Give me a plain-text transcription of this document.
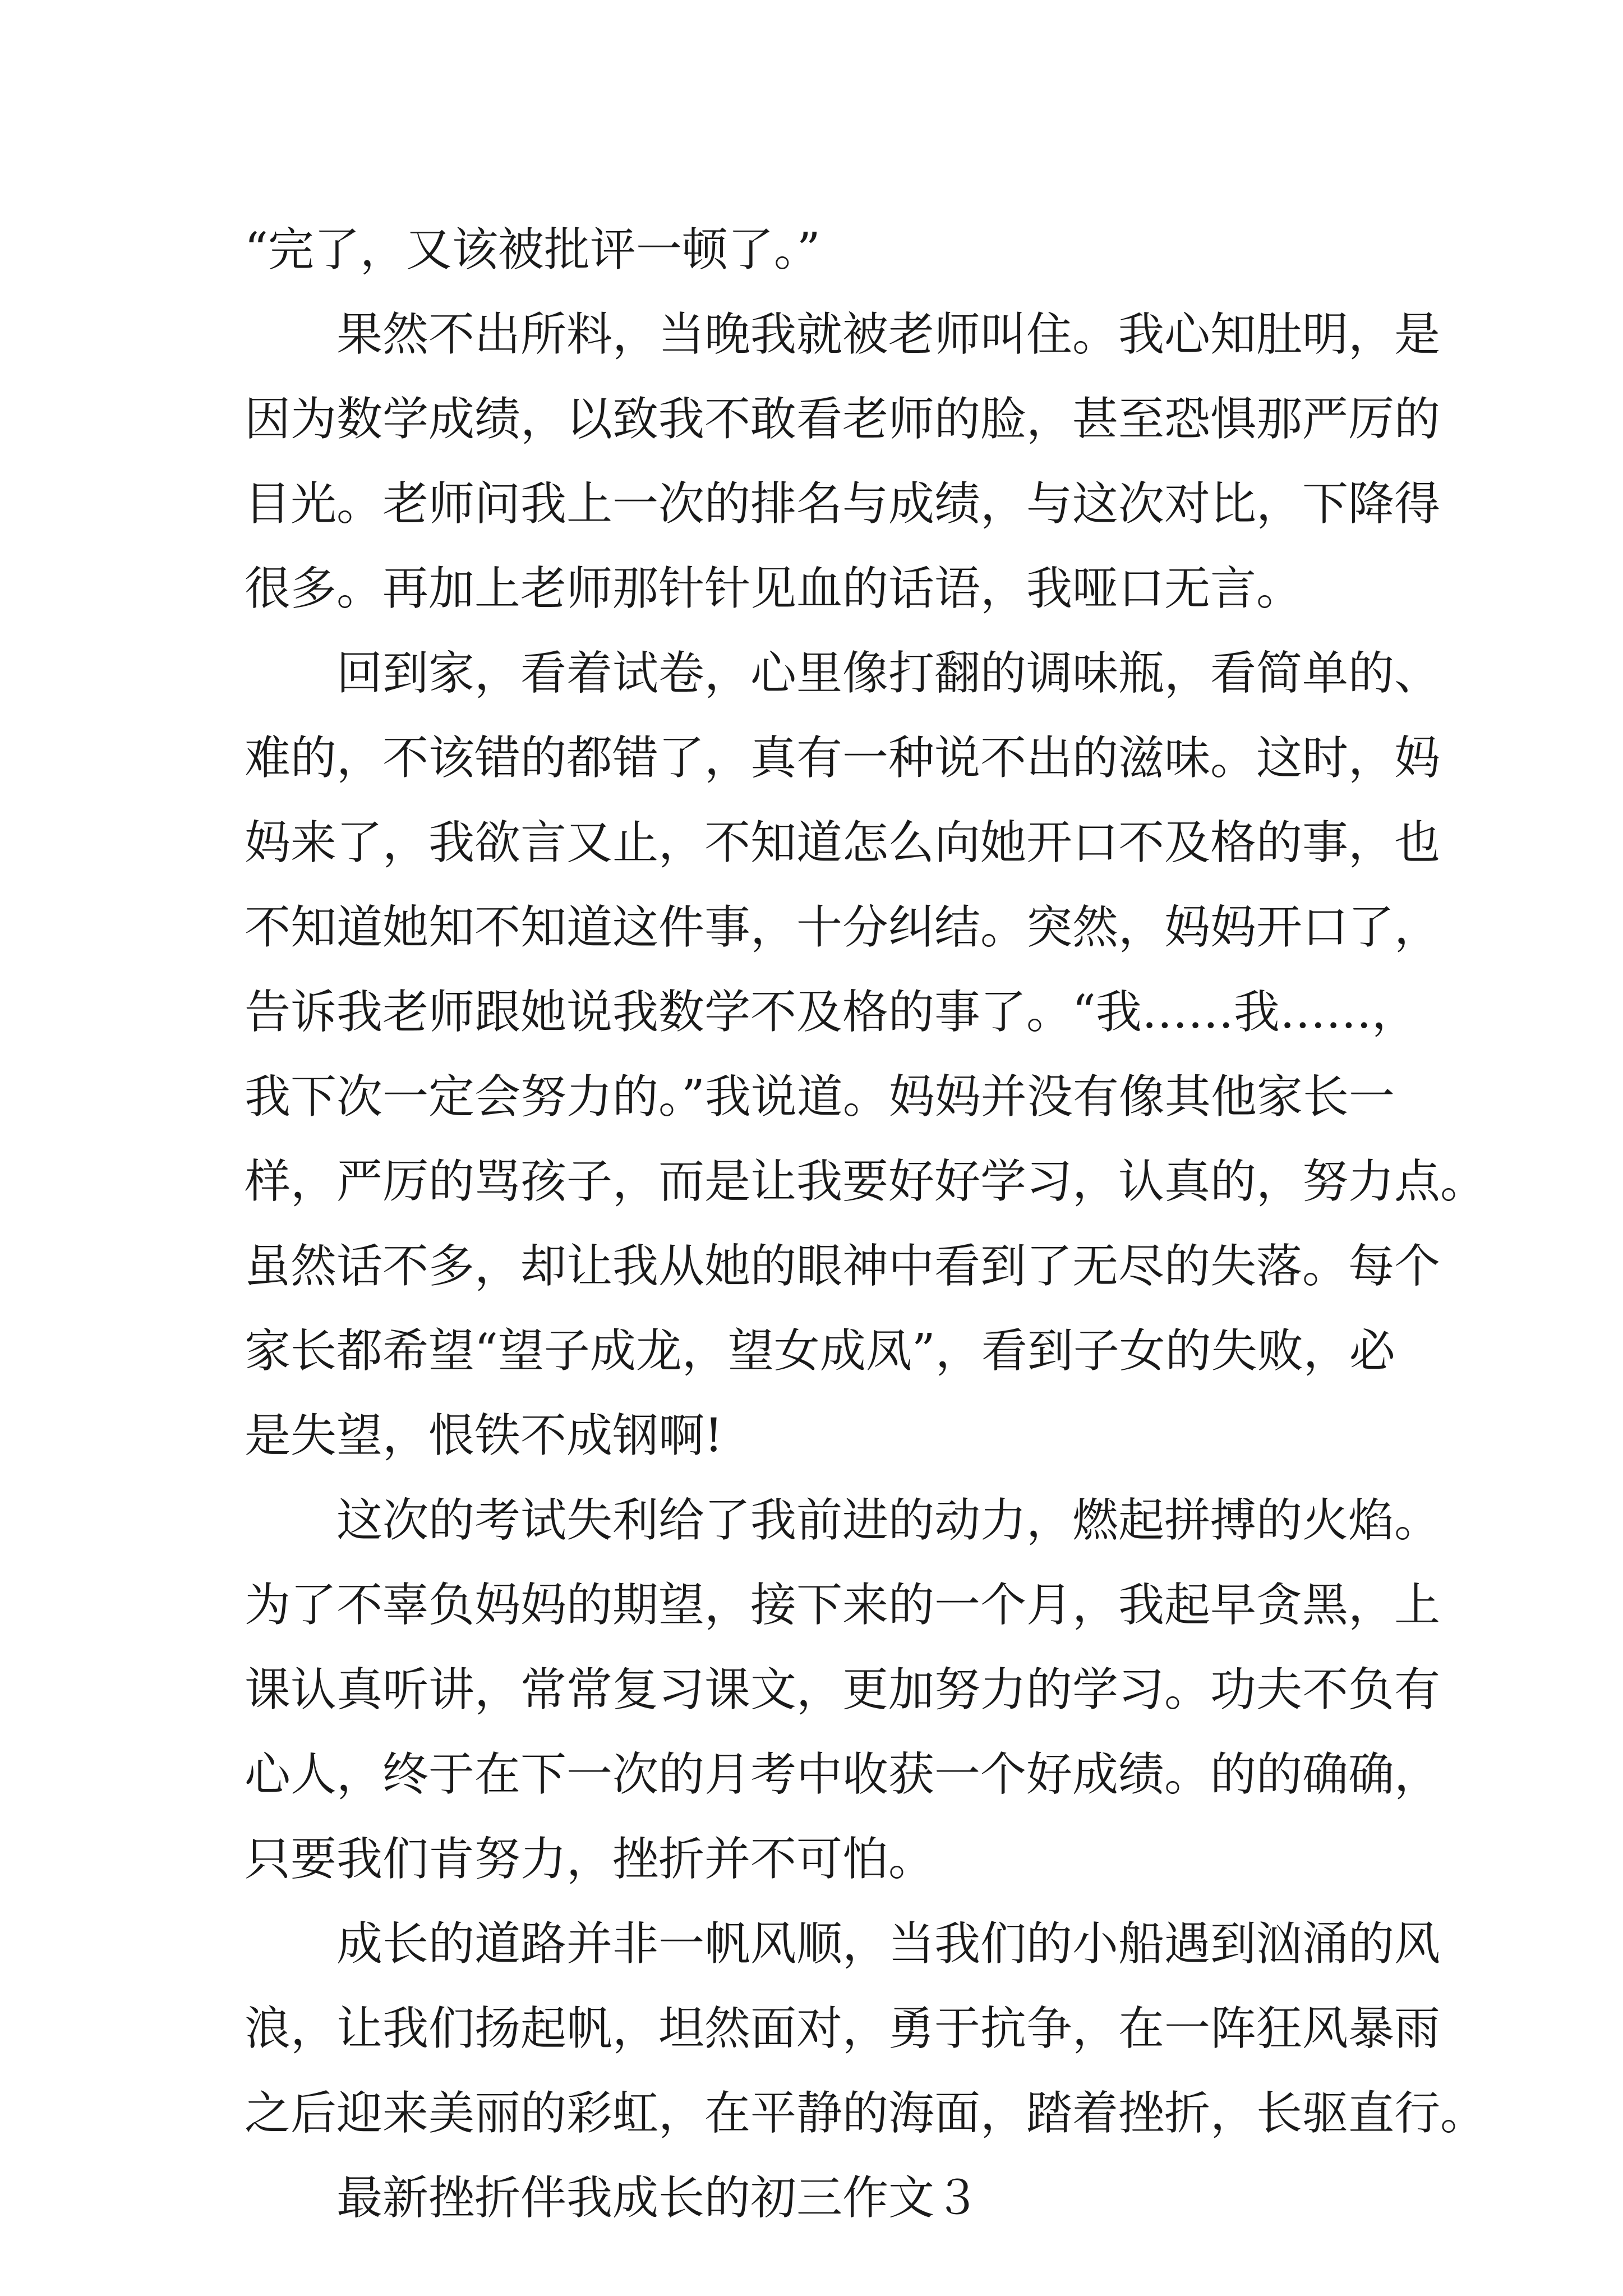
“完了，又该被批评一顿了。”
果然不出所料，当晚我就被老师叫住。我心知肚明，是
因为数学成绩，以致我不敢看老师的脸，甚至恐惧那严厉的
目光。老师问我上一次的排名与成绩，与这次对比，下降得
很多。再加上老师那针针见血的话语，我哑口无言。
回到家，看着试卷，心里像打翻的调味瓶，看简单的、
难的，不该错的都错了，真有一种说不出的滋味。这时，妈
妈来了，我欲言又止，不知道怎么向她开口不及格的事，也
不知道她知不知道这件事，十分纠结。突然，妈妈开口了，
告诉我老师跟她说我数学不及格的事了。“我……我……，
我下次一定会努力的。”我说道。妈妈并没有像其他家长一
样，严厉的骂孩子，而是让我要好好学习，认真的，努力点。
虽然话不多，却让我从她的眼神中看到了无尽的失落。每个
家长都希望“望子成龙，望女成凤”，看到子女的失败，必
是失望，恨铁不成钢啊!
这次的考试失利给了我前进的动力，燃起拼搏的火焰。
为了不辜负妈妈的期望，接下来的一个月，我起早贪黑，上
课认真听讲，常常复习课文，更加努力的学习。功夫不负有
心人，终于在下一次的月考中收获一个好成绩。的的确确，
只要我们肯努力，挫折并不可怕。
成长的道路并非一帆风顺，当我们的小船遇到汹涌的风
浪，让我们扬起帆，坦然面对，勇于抗争，在一阵狂风暴雨
之后迎来美丽的彩虹，在平静的海面，踏着挫折，长驱直行。
最新挫折伴我成长的初三作文３
